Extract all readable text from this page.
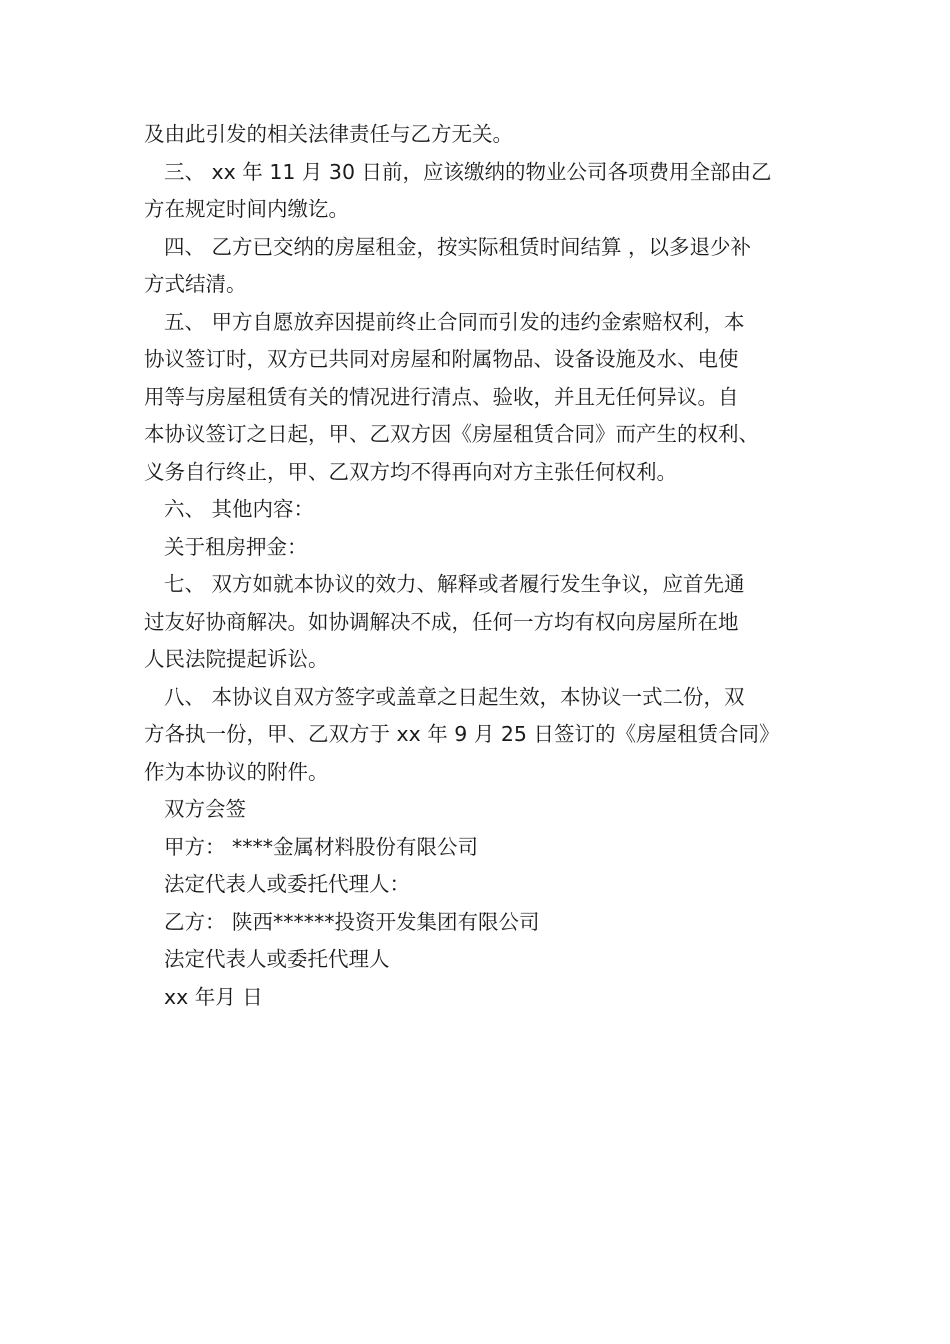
及由此引发的相关法律责任与乙方无关。
三、 xx 年 11 月 30 日前，应该缴纳的物业公司各项费用全部由乙
方在规定时间内缴讫。
四、 乙方已交纳的房屋租金，按实际租赁时间结算 ，以多退少补
方式结清。
五、 甲方自愿放弃因提前终止合同而引发的违约金索赔权利，本
协议签订时，双方已共同对房屋和附属物品、设备设施及水、电使
用等与房屋租赁有关的情况进行清点、验收，并且无任何异议。自
本协议签订之日起，甲、乙双方因《房屋租赁合同》而产生的权利、
义务自行终止，甲、乙双方均不得再向对方主张任何权利。
六、 其他内容：
关于租房押金：
七、 双方如就本协议的效力、解释或者履行发生争议，应首先通
过友好协商解决。如协调解决不成，任何一方均有权向房屋所在地
人民法院提起诉讼。
八、 本协议自双方签字或盖章之日起生效，本协议一式二份，双
方各执一份，甲、乙双方于 xx 年 9 月 25 日签订的《房屋租赁合同》
作为本协议的附件。
双方会签
甲方： ****金属材料股份有限公司
法定代表人或委托代理人：
乙方： 陕西******投资开发集团有限公司
法定代表人或委托代理人
xx 年月 日
